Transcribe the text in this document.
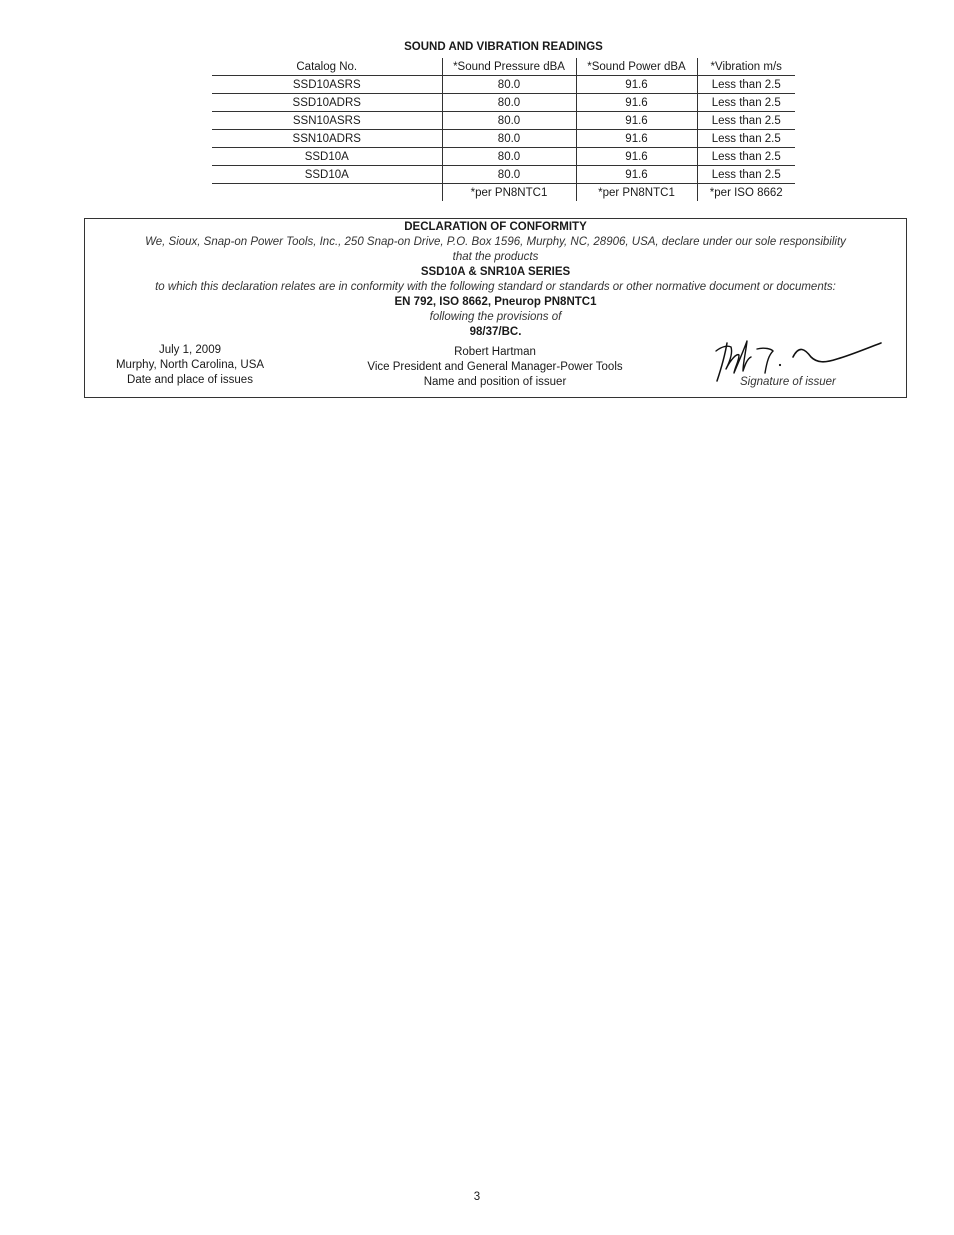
SOUND AND VIBRATION READINGS
Catalog No.	*Sound Pressure dBA	*Sound Power dBA	*Vibration m/s
SSD10ASRS	80.0	91.6	Less than 2.5
SSD10ADRS	80.0	91.6	Less than 2.5
SSN10ASRS	80.0	91.6	Less than 2.5
SSN10ADRS	80.0	91.6	Less than 2.5
SSD10A	80.0	91.6	Less than 2.5
SSD10A	80.0	91.6	Less than 2.5
	*per PN8NTC1	*per PN8NTC1	*per ISO 8662
DECLARATION OF CONFORMITY
We, Sioux, Snap-on Power Tools, Inc., 250 Snap-on Drive, P.O. Box 1596, Murphy, NC, 28906, USA, declare under our sole responsibility
that the products
SSD10A & SNR10A SERIES
to which this declaration relates are in conformity with the following standard or standards or other normative document or documents:
EN 792, ISO 8662, Pneurop PN8NTC1
following the provisions of
98/37/BC.
July 1, 2009
Murphy, North Carolina, USA
Date and place of issues
Robert Hartman
Vice President and General Manager-Power Tools
Name and position of issuer	Signature of issuer
3
